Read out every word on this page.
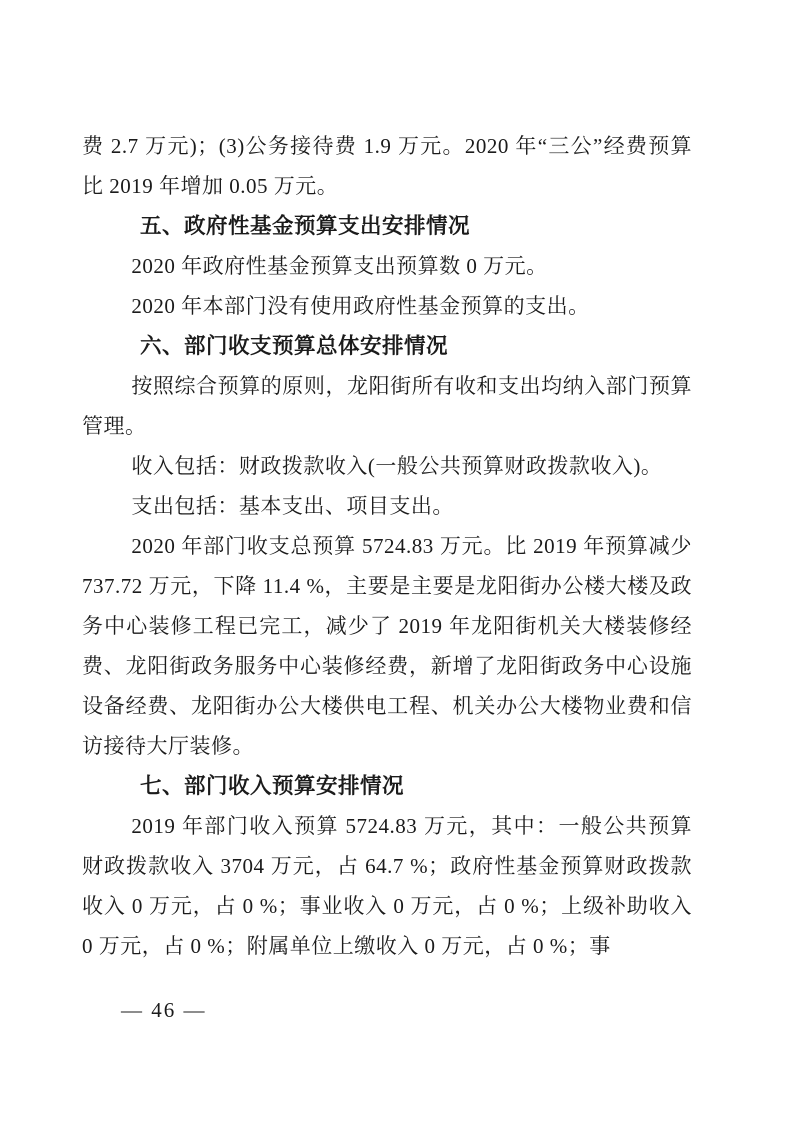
费 2.7 万元)；(3)公务接待费 1.9 万元。2020 年“三公”经费预算比 2019 年增加 0.05 万元。

五、政府性基金预算支出安排情况

2020 年政府性基金预算支出预算数 0 万元。

2020 年本部门没有使用政府性基金预算的支出。

六、部门收支预算总体安排情况

按照综合预算的原则，龙阳街所有收和支出均纳入部门预算管理。

收入包括：财政拨款收入(一般公共预算财政拨款收入)。

支出包括：基本支出、项目支出。

2020 年部门收支总预算 5724.83 万元。比 2019 年预算减少 737.72 万元，下降 11.4 %，主要是主要是龙阳街办公楼大楼及政务中心装修工程已完工，减少了 2019 年龙阳街机关大楼装修经费、龙阳街政务服务中心装修经费，新增了龙阳街政务中心设施设备经费、龙阳街办公大楼供电工程、机关办公大楼物业费和信访接待大厅装修。

七、部门收入预算安排情况

2019 年部门收入预算 5724.83 万元，其中：一般公共预算财政拨款收入 3704 万元，占 64.7 %；政府性基金预算财政拨款收入 0 万元，占 0 %；事业收入 0 万元，占 0 %；上级补助收入 0 万元，占 0 %；附属单位上缴收入 0 万元，占 0 %；事

— 46 —
